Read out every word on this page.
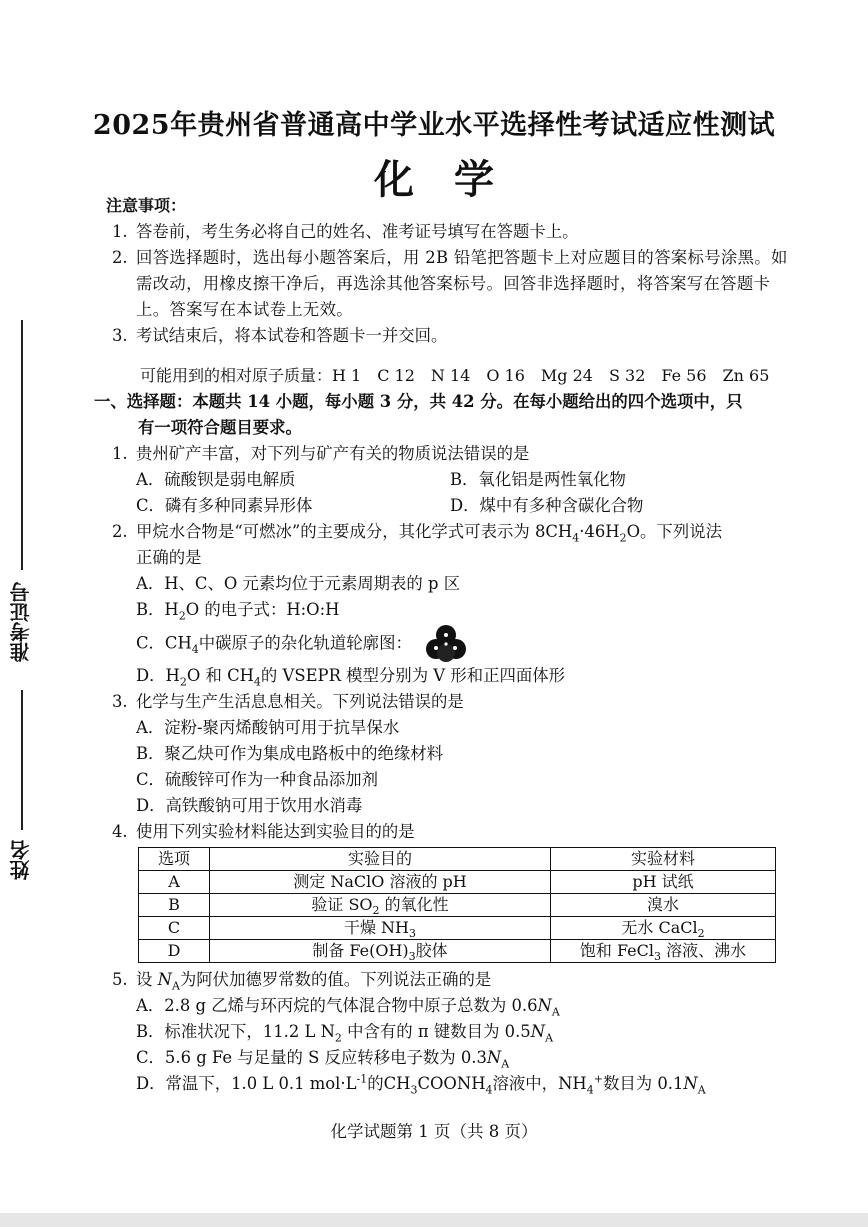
准考证号
姓名
2025年贵州省普通高中学业水平选择性考试适应性测试
化学
注意事项：
1. 答卷前，考生务必将自己的姓名、准考证号填写在答题卡上。
2. 回答选择题时，选出每小题答案后，用 2B 铅笔把答题卡上对应题目的答案标号涂黑。如需改动，用橡皮擦干净后，再选涂其他答案标号。回答非选择题时，将答案写在答题卡上。答案写在本试卷上无效。
3. 考试结束后，将本试卷和答题卡一并交回。
可能用到的相对原子质量：H 1　C 12　N 14　O 16　Mg 24　S 32　Fe 56　Zn 65
一、选择题：本题共 14 小题，每小题 3 分，共 42 分。在每小题给出的四个选项中，只
有一项符合题目要求。
1. 贵州矿产丰富，对下列与矿产有关的物质说法错误的是
A．硫酸钡是弱电解质	B．氧化铝是两性氧化物
C．磷有多种同素异形体	D．煤中有多种含碳化合物
2. 甲烷水合物是“可燃冰”的主要成分，其化学式可表示为 $8CH_4\cdot 46H_2O$。下列说法
正确的是
A．H、C、O 元素均位于元素周期表的 p 区
B．$H_2O$ 的电子式：H:O:H
C．$CH_4$中碳原子的杂化轨道轮廓图：
D．$H_2O$ 和 $CH_4$的 VSEPR 模型分别为 V 形和正四面体形
3. 化学与生产生活息息相关。下列说法错误的是
A．淀粉-聚丙烯酸钠可用于抗旱保水
B．聚乙炔可作为集成电路板中的绝缘材料
C．硫酸锌可作为一种食品添加剂
D．高铁酸钠可用于饮用水消毒
4. 使用下列实验材料能达到实验目的的是
选项	实验目的	实验材料
A	测定 NaClO 溶液的 pH	pH 试纸
B	验证 $SO_2$ 的氧化性	溴水
C	干燥 $NH_3$	无水 CaCl$_2$
D	制备 $Fe(OH)_3$胶体	饱和 FeCl$_3$ 溶液、沸水
5. 设 $N_A$为阿伏加德罗常数的值。下列说法正确的是
A．2.8 g 乙烯与环丙烷的气体混合物中原子总数为 $0.6N_A$
B．标准状况下，11.2 L $N_2$ 中含有的 π 键数目为 $0.5N_A$
C．5.6 g Fe 与足量的 S 反应转移电子数为 $0.3N_A$
D．常温下，1.0 L 0.1 $mol\cdot L^{-1}$的$CH_3COONH_4$溶液中，$NH_4^+$数目为 $0.1N_A$
化学试题第 1 页（共 8 页）
